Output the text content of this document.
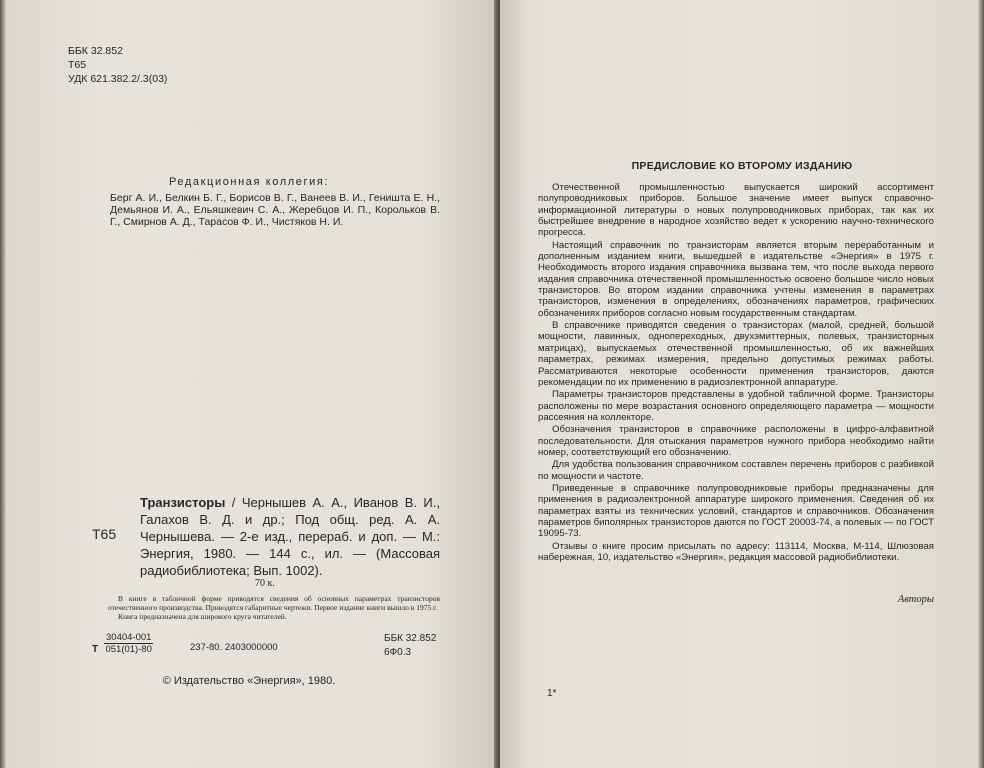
ББК 32.852
Т65
УДК 621.382.2/.3(03)
Редакционная коллегия:
Берг А. И., Белкин Б. Г., Борисов В. Г., Ванеев В. И., Геништа Е. Н., Демьянов И. А., Ельяшкевич С. А., Жеребцов И. П., Корольков В. Г., Смирнов А. Д., Тарасов Ф. И., Чистяков Н. И.
Т65
Транзисторы / Чернышев А. А., Иванов В. И., Галахов В. Д. и др.; Под общ. ред. А. А. Чернышева. — 2-е изд., перераб. и доп. — М.: Энергия, 1980. — 144 с., ил. — (Массовая радиобиблиотека; Вып. 1002).
70 к.
В книге в табличной форме приводятся сведения об основных параметрах транзисторов отечественного производства. Приводятся габаритные чертежи. Первое издание книги вышло в 1975 г.
Книга предназначена для широкого круга читателей.
Т $\frac{30404-001}{051(01)-80}$	237-80. 2403000000
ББК 32.852
6Ф0.3
© Издательство «Энергия», 1980.
ПРЕДИСЛОВИЕ КО ВТОРОМУ ИЗДАНИЮ

Отечественной промышленностью выпускается широкий ассортимент полупроводниковых приборов. Большое значение имеет выпуск справочно-информационной литературы о новых полупроводниковых приборах, так как их быстрейшее внедрение в народное хозяйство ведет к ускорению научно-технического прогресса.

Настоящий справочник по транзисторам является вторым переработанным и дополненным изданием книги, вышедшей в издательстве «Энергия» в 1975 г. Необходимость второго издания справочника вызвана тем, что после выхода первого издания справочника отечественной промышленностью освоено большое число новых транзисторов. Во втором издании справочника учтены изменения в параметрах транзисторов, изменения в определениях, обозначениях параметров, графических обозначениях приборов согласно новым государственным стандартам.

В справочнике приводятся сведения о транзисторах (малой, средней, большой мощности, лавинных, однопереходных, двухэмиттерных, полевых, транзисторных матрицах), выпускаемых отечественной промышленностью, об их важнейших параметрах, режимах измерения, предельно допустимых режимах работы. Рассматриваются некоторые особенности применения транзисторов, даются рекомендации по их применению в радиоэлектронной аппаратуре.

Параметры транзисторов представлены в удобной табличной форме. Транзисторы расположены по мере возрастания основного определяющего параметра — мощности рассеяния на коллекторе.

Обозначения транзисторов в справочнике расположены в цифро-алфавитной последовательности. Для отыскания параметров нужного прибора необходимо найти номер, соответствующий его обозначению.

Для удобства пользования справочником составлен перечень приборов с разбивкой по мощности и частоте.

Приведенные в справочнике полупроводниковые приборы предназначены для применения в радиоэлектронной аппаратуре широкого применения. Сведения об их параметрах взяты из технических условий, стандартов и справочников. Обозначения параметров биполярных транзисторов даются по ГОСТ 20003-74, а полевых — по ГОСТ 19095-73.

Отзывы о книге просим присылать по адресу: 113114, Москва, М-114, Шлюзовая набережная, 10, издательство «Энергия», редакция массовой радиобиблиотеки.

Авторы
1*
